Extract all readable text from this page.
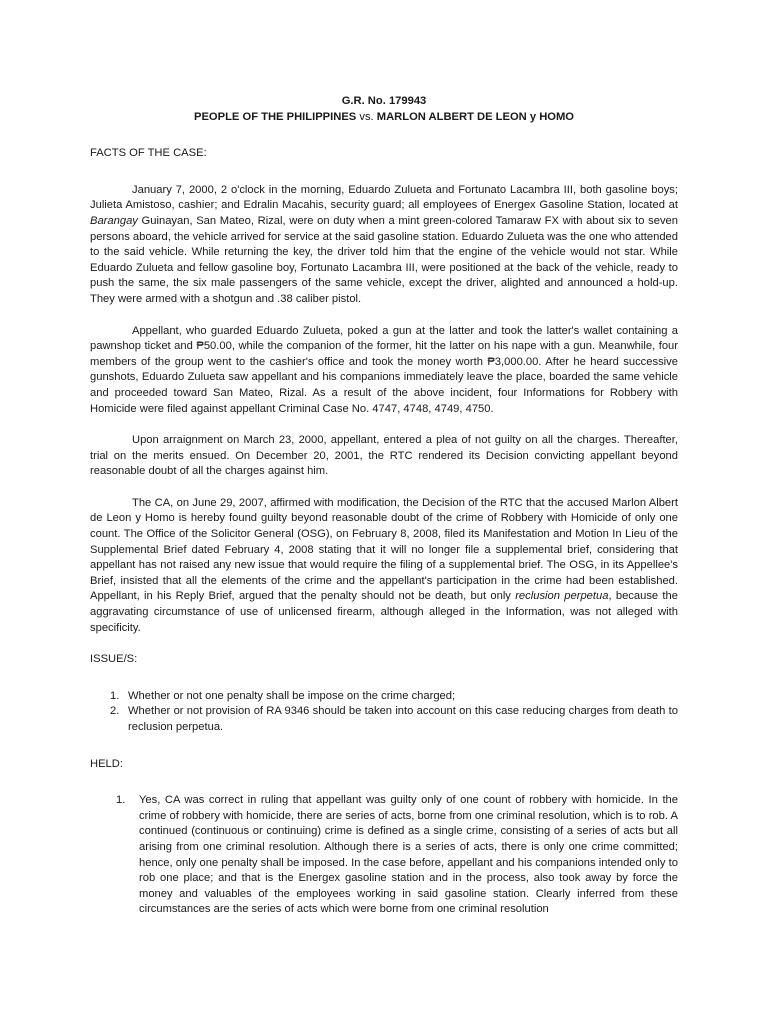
G.R. No. 179943

PEOPLE OF THE PHILIPPINES vs. MARLON ALBERT DE LEON y HOMO

FACTS OF THE CASE:

January 7, 2000, 2 o'clock in the morning, Eduardo Zulueta and Fortunato Lacambra III, both gasoline boys; Julieta Amistoso, cashier; and Edralin Macahis, security guard; all employees of Energex Gasoline Station, located at Barangay Guinayan, San Mateo, Rizal, were on duty when a mint green-colored Tamaraw FX with about six to seven persons aboard, the vehicle arrived for service at the said gasoline station. Eduardo Zulueta was the one who attended to the said vehicle. While returning the key, the driver told him that the engine of the vehicle would not star. While Eduardo Zulueta and fellow gasoline boy, Fortunato Lacambra III, were positioned at the back of the vehicle, ready to push the same, the six male passengers of the same vehicle, except the driver, alighted and announced a hold-up. They were armed with a shotgun and .38 caliber pistol.

Appellant, who guarded Eduardo Zulueta, poked a gun at the latter and took the latter's wallet containing a pawnshop ticket and ₱50.00, while the companion of the former, hit the latter on his nape with a gun. Meanwhile, four members of the group went to the cashier's office and took the money worth ₱3,000.00. After he heard successive gunshots, Eduardo Zulueta saw appellant and his companions immediately leave the place, boarded the same vehicle and proceeded toward San Mateo, Rizal. As a result of the above incident, four Informations for Robbery with Homicide were filed against appellant Criminal Case No. 4747, 4748, 4749, 4750.

Upon arraignment on March 23, 2000, appellant, entered a plea of not guilty on all the charges. Thereafter, trial on the merits ensued. On December 20, 2001, the RTC rendered its Decision convicting appellant beyond reasonable doubt of all the charges against him.

The CA, on June 29, 2007, affirmed with modification, the Decision of the RTC that the accused Marlon Albert de Leon y Homo is hereby found guilty beyond reasonable doubt of the crime of Robbery with Homicide of only one count. The Office of the Solicitor General (OSG), on February 8, 2008, filed its Manifestation and Motion In Lieu of the Supplemental Brief dated February 4, 2008 stating that it will no longer file a supplemental brief, considering that appellant has not raised any new issue that would require the filing of a supplemental brief. The OSG, in its Appellee's Brief, insisted that all the elements of the crime and the appellant's participation in the crime had been established. Appellant, in his Reply Brief, argued that the penalty should not be death, but only reclusion perpetua, because the aggravating circumstance of use of unlicensed firearm, although alleged in the Information, was not alleged with specificity.

ISSUE/S:

1. Whether or not one penalty shall be impose on the crime charged;
2. Whether or not provision of RA 9346 should be taken into account on this case reducing charges from death to reclusion perpetua.

HELD:

1. Yes, CA was correct in ruling that appellant was guilty only of one count of robbery with homicide. In the crime of robbery with homicide, there are series of acts, borne from one criminal resolution, which is to rob. A continued (continuous or continuing) crime is defined as a single crime, consisting of a series of acts but all arising from one criminal resolution. Although there is a series of acts, there is only one crime committed; hence, only one penalty shall be imposed. In the case before, appellant and his companions intended only to rob one place; and that is the Energex gasoline station and in the process, also took away by force the money and valuables of the employees working in said gasoline station. Clearly inferred from these circumstances are the series of acts which were borne from one criminal resolution
